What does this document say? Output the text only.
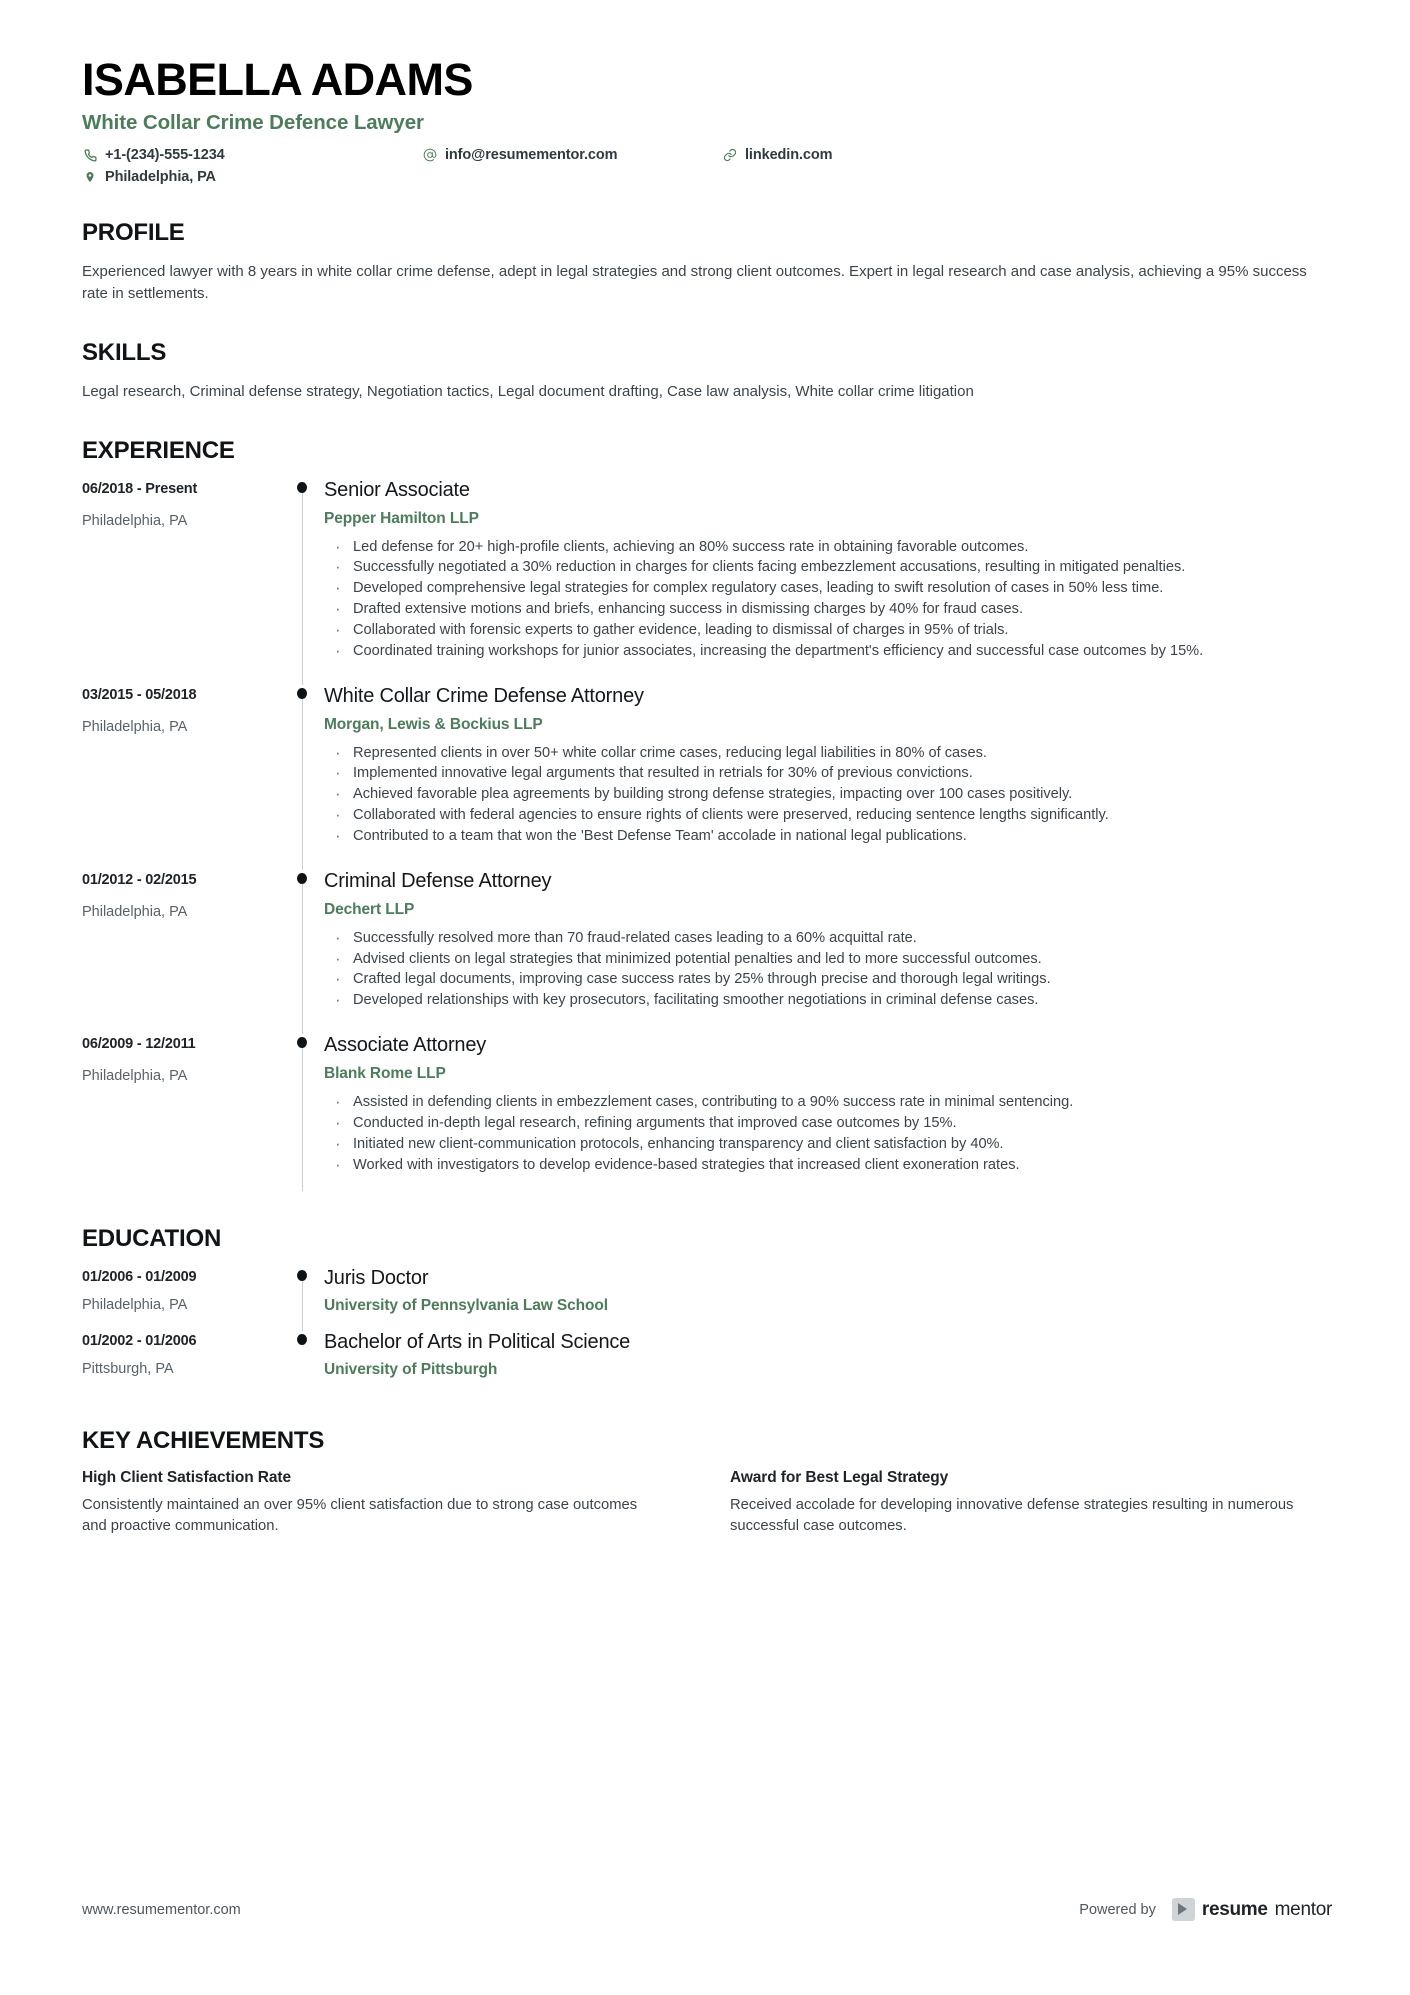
ISABELLA ADAMS
White Collar Crime Defence Lawyer
+1-(234)-555-1234	info@resumementor.com	linkedin.com
Philadelphia, PA
PROFILE
Experienced lawyer with 8 years in white collar crime defense, adept in legal strategies and strong client outcomes. Expert in legal research and case analysis, achieving a 95% success rate in settlements.
SKILLS
Legal research, Criminal defense strategy, Negotiation tactics, Legal document drafting, Case law analysis, White collar crime litigation
EXPERIENCE
06/2018 - Present
Philadelphia, PA
Senior Associate
Pepper Hamilton LLP
· Led defense for 20+ high-profile clients, achieving an 80% success rate in obtaining favorable outcomes.
· Successfully negotiated a 30% reduction in charges for clients facing embezzlement accusations, resulting in mitigated penalties.
· Developed comprehensive legal strategies for complex regulatory cases, leading to swift resolution of cases in 50% less time.
· Drafted extensive motions and briefs, enhancing success in dismissing charges by 40% for fraud cases.
· Collaborated with forensic experts to gather evidence, leading to dismissal of charges in 95% of trials.
· Coordinated training workshops for junior associates, increasing the department's efficiency and successful case outcomes by 15%.
03/2015 - 05/2018
Philadelphia, PA
White Collar Crime Defense Attorney
Morgan, Lewis & Bockius LLP
· Represented clients in over 50+ white collar crime cases, reducing legal liabilities in 80% of cases.
· Implemented innovative legal arguments that resulted in retrials for 30% of previous convictions.
· Achieved favorable plea agreements by building strong defense strategies, impacting over 100 cases positively.
· Collaborated with federal agencies to ensure rights of clients were preserved, reducing sentence lengths significantly.
· Contributed to a team that won the 'Best Defense Team' accolade in national legal publications.
01/2012 - 02/2015
Philadelphia, PA
Criminal Defense Attorney
Dechert LLP
· Successfully resolved more than 70 fraud-related cases leading to a 60% acquittal rate.
· Advised clients on legal strategies that minimized potential penalties and led to more successful outcomes.
· Crafted legal documents, improving case success rates by 25% through precise and thorough legal writings.
· Developed relationships with key prosecutors, facilitating smoother negotiations in criminal defense cases.
06/2009 - 12/2011
Philadelphia, PA
Associate Attorney
Blank Rome LLP
· Assisted in defending clients in embezzlement cases, contributing to a 90% success rate in minimal sentencing.
· Conducted in-depth legal research, refining arguments that improved case outcomes by 15%.
· Initiated new client-communication protocols, enhancing transparency and client satisfaction by 40%.
· Worked with investigators to develop evidence-based strategies that increased client exoneration rates.
EDUCATION
01/2006 - 01/2009
Philadelphia, PA
Juris Doctor
University of Pennsylvania Law School
01/2002 - 01/2006
Pittsburgh, PA
Bachelor of Arts in Political Science
University of Pittsburgh
KEY ACHIEVEMENTS
High Client Satisfaction Rate
Consistently maintained an over 95% client satisfaction due to strong case outcomes and proactive communication.
Award for Best Legal Strategy
Received accolade for developing innovative defense strategies resulting in numerous successful case outcomes.
www.resumementor.com	Powered by resume mentor
